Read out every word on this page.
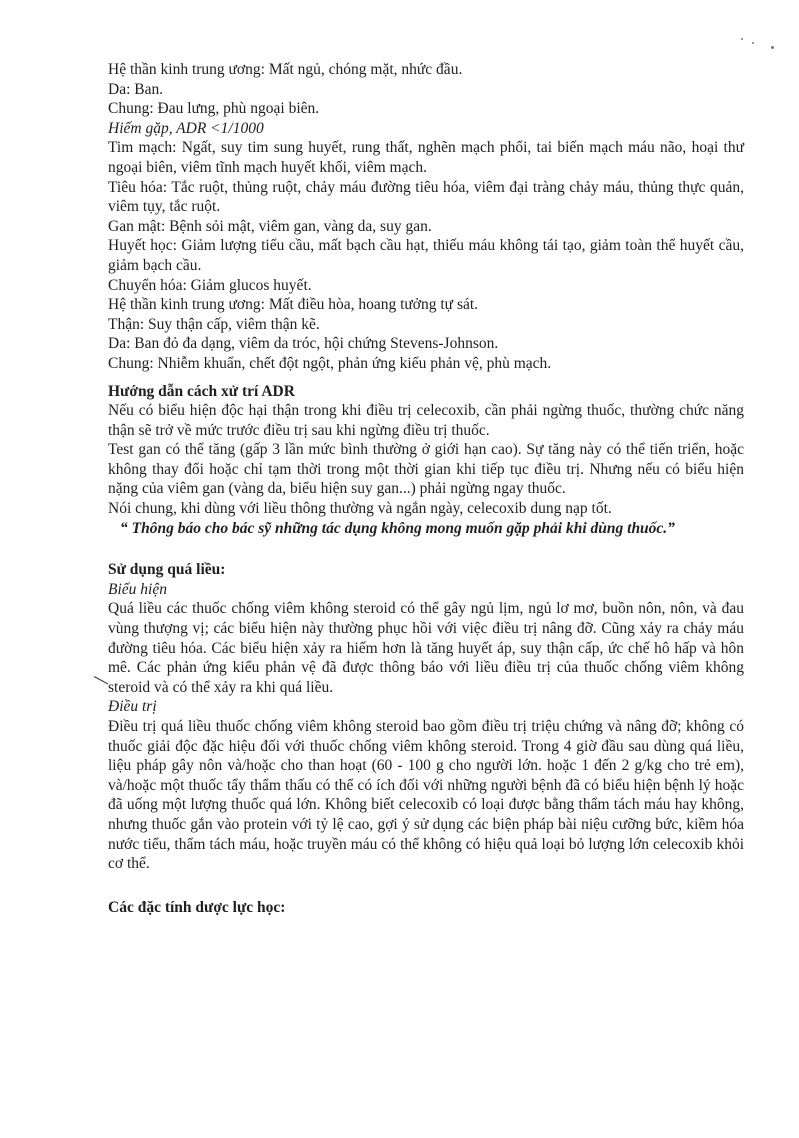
Hệ thần kinh trung ương: Mất ngủ, chóng mặt, nhức đầu.

Da: Ban.

Chung: Đau lưng, phù ngoại biên.

Hiếm gặp, ADR <1/1000

Tim mạch: Ngất, suy tim sung huyết, rung thất, nghẽn mạch phổi, tai biến mạch máu não, hoại thư ngoại biên, viêm tĩnh mạch huyết khối, viêm mạch.

Tiêu hóa: Tắc ruột, thủng ruột, chảy máu đường tiêu hóa, viêm đại tràng chảy máu, thủng thực quản, viêm tụy, tắc ruột.

Gan mật: Bệnh sỏi mật, viêm gan, vàng da, suy gan.

Huyết học: Giảm lượng tiểu cầu, mất bạch cầu hạt, thiếu máu không tái tạo, giảm toàn thể huyết cầu, giảm bạch cầu.

Chuyển hóa: Giảm glucos huyết.

Hệ thần kinh trung ương: Mất điều hòa, hoang tưởng tự sát.

Thận: Suy thận cấp, viêm thận kẽ.

Da: Ban đỏ đa dạng, viêm da tróc, hội chứng Stevens-Johnson.

Chung: Nhiễm khuẩn, chết đột ngột, phản ứng kiểu phản vệ, phù mạch.

Hướng dẫn cách xử trí ADR

Nếu có biểu hiện độc hại thận trong khi điều trị celecoxib, cần phải ngừng thuốc, thường chức năng thận sẽ trở về mức trước điều trị sau khi ngừng điều trị thuốc.

Test gan có thể tăng (gấp 3 lần mức bình thường ở giới hạn cao). Sự tăng này có thể tiến triển, hoặc không thay đổi hoặc chỉ tạm thời trong một thời gian khi tiếp tục điều trị. Nhưng nếu có biểu hiện nặng của viêm gan (vàng da, biểu hiện suy gan...) phải ngừng ngay thuốc.

Nói chung, khi dùng với liều thông thường và ngắn ngày, celecoxib dung nạp tốt.

“ Thông báo cho bác sỹ những tác dụng không mong muốn gặp phải khi dùng thuốc.”

Sử dụng quá liều:

Biểu hiện

Quá liều các thuốc chống viêm không steroid có thể gây ngủ lịm, ngủ lơ mơ, buồn nôn, nôn, và đau vùng thượng vị; các biểu hiện này thường phục hồi với việc điều trị nâng đỡ. Cũng xảy ra chảy máu đường tiêu hóa. Các biểu hiện xảy ra hiếm hơn là tăng huyết áp, suy thận cấp, ức chế hô hấp và hôn mê. Các phản ứng kiểu phản vệ đã được thông báo với liều điều trị của thuốc chống viêm không steroid và có thể xảy ra khi quá liều.

Điều trị

Điều trị quá liều thuốc chống viêm không steroid bao gồm điều trị triệu chứng và nâng đỡ; không có thuốc giải độc đặc hiệu đối với thuốc chống viêm không steroid. Trong 4 giờ đầu sau dùng quá liều, liệu pháp gây nôn và/hoặc cho than hoạt (60 - 100 g cho người lớn. hoặc 1 đến 2 g/kg cho trẻ em), và/hoặc một thuốc tẩy thẩm thấu có thể có ích đối với những người bệnh đã có biểu hiện bệnh lý hoặc đã uống một lượng thuốc quá lớn. Không biết celecoxib có loại được bằng thẩm tách máu hay không, nhưng thuốc gắn vào protein với tỷ lệ cao, gợi ý sử dụng các biện pháp bài niệu cưỡng bức, kiềm hóa nước tiểu, thẩm tách máu, hoặc truyền máu có thể không có hiệu quả loại bỏ lượng lớn celecoxib khỏi cơ thể.

Các đặc tính dược lực học:
